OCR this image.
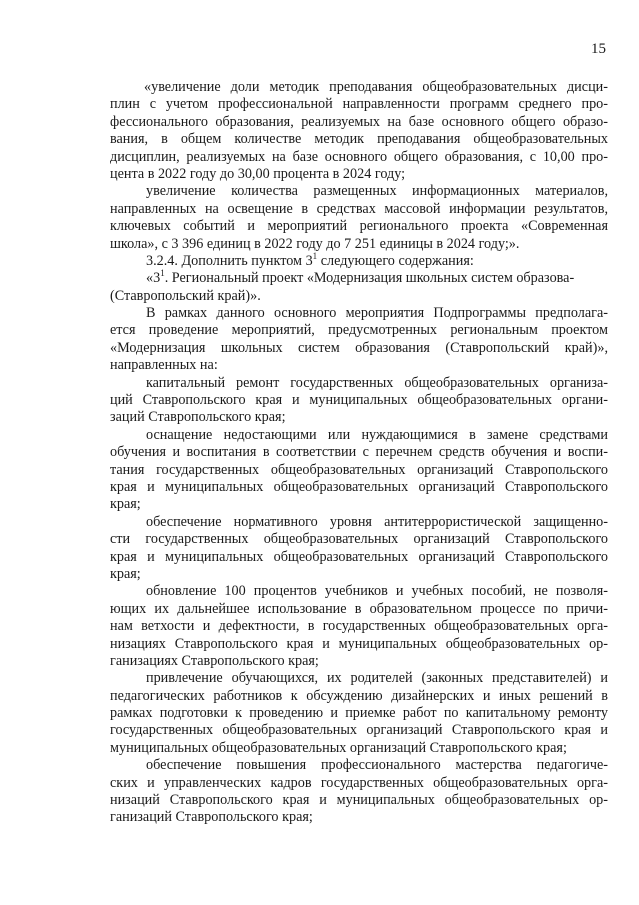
15
«увеличение доли методик преподавания общеобразовательных дисци-
плин с учетом профессиональной направленности программ среднего про-
фессионального образования, реализуемых на базе основного общего образо-
вания, в общем количестве методик преподавания общеобразовательных
дисциплин, реализуемых на базе основного общего образования, с 10,00 про-
цента в 2022 году до 30,00 процента в 2024 году;
увеличение количества размещенных информационных материалов,
направленных на освещение в средствах массовой информации результатов,
ключевых событий и мероприятий регионального проекта «Современная
школа», с 3 396 единиц в 2022 году до 7 251 единицы в 2024 году;».
3.2.4. Дополнить пунктом $3^1$ следующего содержания:
«$3^1$. Региональный проект «Модернизация школьных систем образова-
(Ставропольский край)».
В рамках данного основного мероприятия Подпрограммы предполага-
ется проведение мероприятий, предусмотренных региональным проектом
«Модернизация школьных систем образования (Ставропольский край)»,
направленных на:
капитальный ремонт государственных общеобразовательных организа-
ций Ставропольского края и муниципальных общеобразовательных органи-
заций Ставропольского края;
оснащение недостающими или нуждающимися в замене средствами
обучения и воспитания в соответствии с перечнем средств обучения и воспи-
тания государственных общеобразовательных организаций Ставропольского
края и муниципальных общеобразовательных организаций Ставропольского
края;
обеспечение нормативного уровня антитеррористической защищенно-
сти государственных общеобразовательных организаций Ставропольского
края и муниципальных общеобразовательных организаций Ставропольского
края;
обновление 100 процентов учебников и учебных пособий, не позволя-
ющих их дальнейшее использование в образовательном процессе по причи-
нам ветхости и дефектности, в государственных общеобразовательных орга-
низациях Ставропольского края и муниципальных общеобразовательных ор-
ганизациях Ставропольского края;
привлечение обучающихся, их родителей (законных представителей) и
педагогических работников к обсуждению дизайнерских и иных решений в
рамках подготовки к проведению и приемке работ по капитальному ремонту
государственных общеобразовательных организаций Ставропольского края и
муниципальных общеобразовательных организаций Ставропольского края;
обеспечение повышения профессионального мастерства педагогиче-
ских и управленческих кадров государственных общеобразовательных орга-
низаций Ставропольского края и муниципальных общеобразовательных ор-
ганизаций Ставропольского края;
